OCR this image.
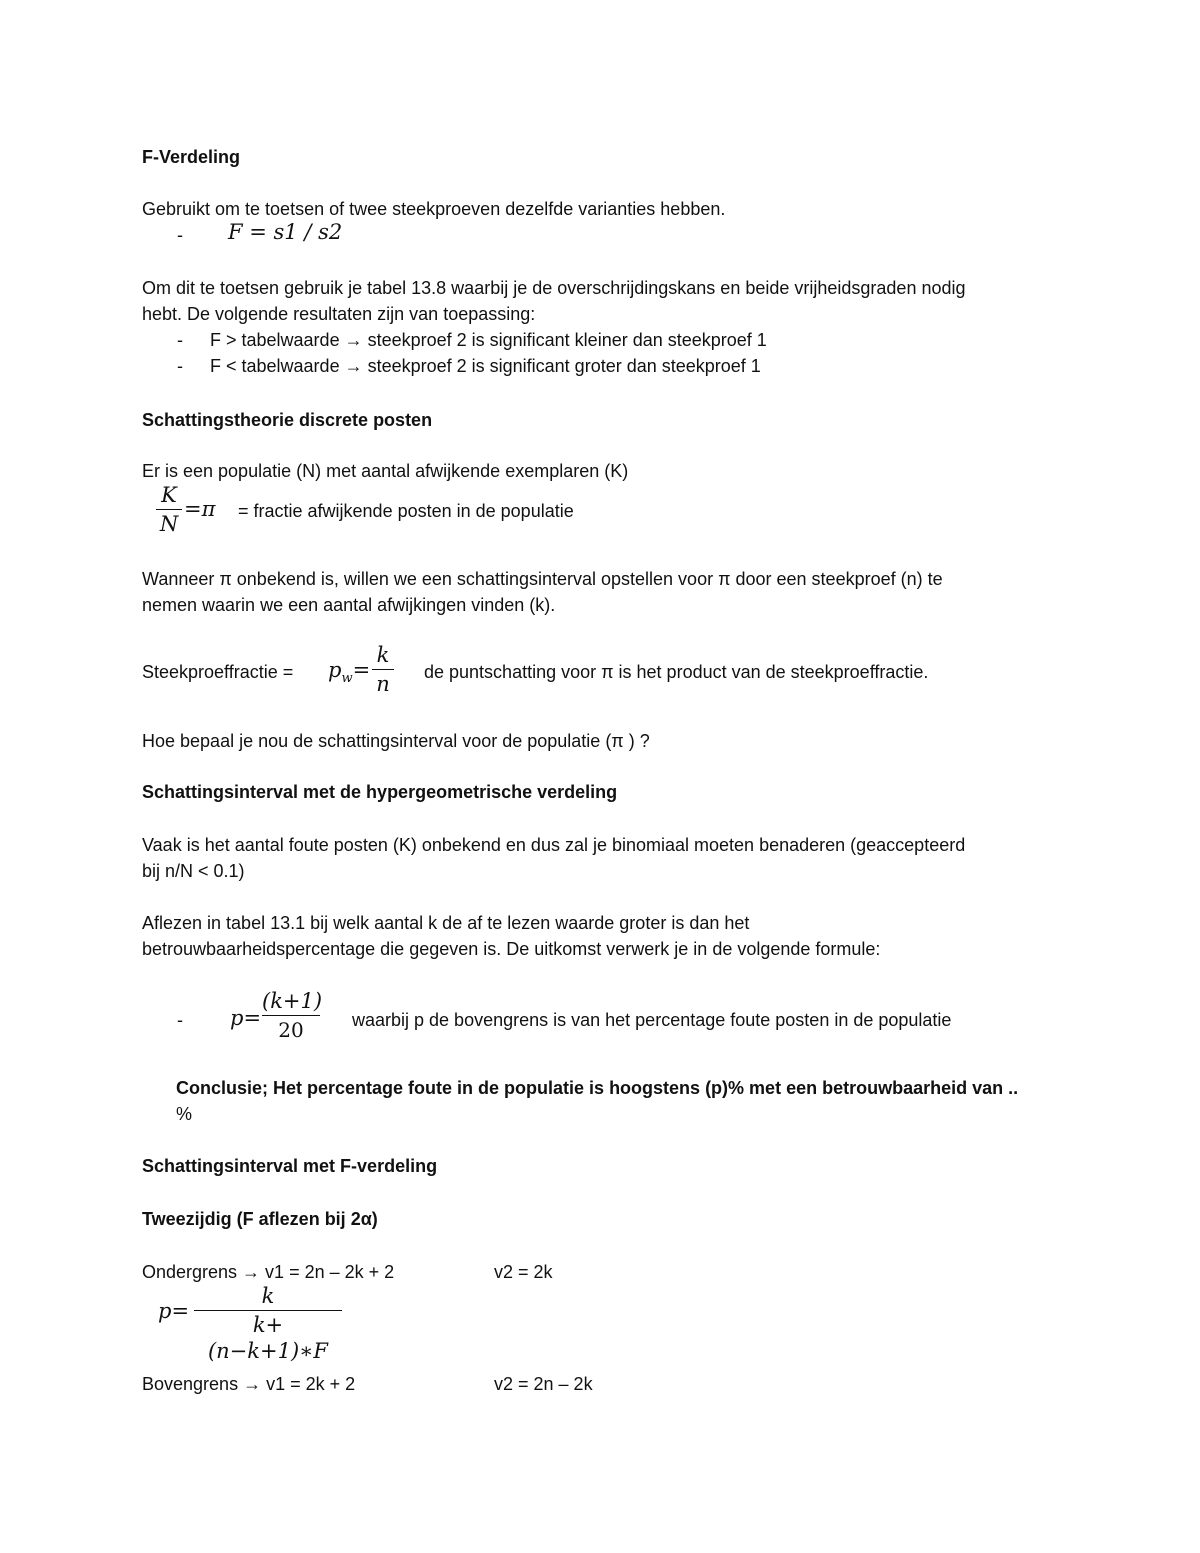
F-Verdeling
Gebruikt om te toetsen of twee steekproeven dezelfde varianties hebben.
- F = s1 / s2
Om dit te toetsen gebruik je tabel 13.8 waarbij je de overschrijdingskans en beide vrijheidsgraden nodig
hebt. De volgende resultaten zijn van toepassing:
- F > tabelwaarde → steekproef 2 is significant kleiner dan steekproef 1
- F < tabelwaarde → steekproef 2 is significant groter dan steekproef 1
Schattingstheorie discrete posten
Er is een populatie (N) met aantal afwijkende exemplaren (K)
K
N
=π = fractie afwijkende posten in de populatie
Wanneer π onbekend is, willen we een schattingsinterval opstellen voor π door een steekproef (n) te
nemen waarin we een aantal afwijkingen vinden (k).
Steekproeffractie = $p_w=$
k
n de puntschatting voor π is het product van de steekproeffractie.
Hoe bepaal je nou de schattingsinterval voor de populatie (π ) ?
Schattingsinterval met de hypergeometrische verdeling
Vaak is het aantal foute posten (K) onbekend en dus zal je binomiaal moeten benaderen (geaccepteerd
bij n/N < 0.1)
Aflezen in tabel 13.1 bij welk aantal k de af te lezen waarde groter is dan het
betrouwbaarheidspercentage die gegeven is. De uitkomst verwerk je in de volgende formule:
- p=
(k+1)
20	waarbij p de bovengrens is van het percentage foute posten in de populatie
Conclusie; Het percentage foute in de populatie is hoogstens (p)% met een betrouwbaarheid van ..
%
Schattingsinterval met F-verdeling
Tweezijdig (F aflezen bij 2α)
Ondergrens → v1 = 2n – 2k + 2	v2 = 2k
p=
k
k+(n−k+1)∗F
Bovengrens → v1 = 2k + 2	v2 = 2n – 2k
